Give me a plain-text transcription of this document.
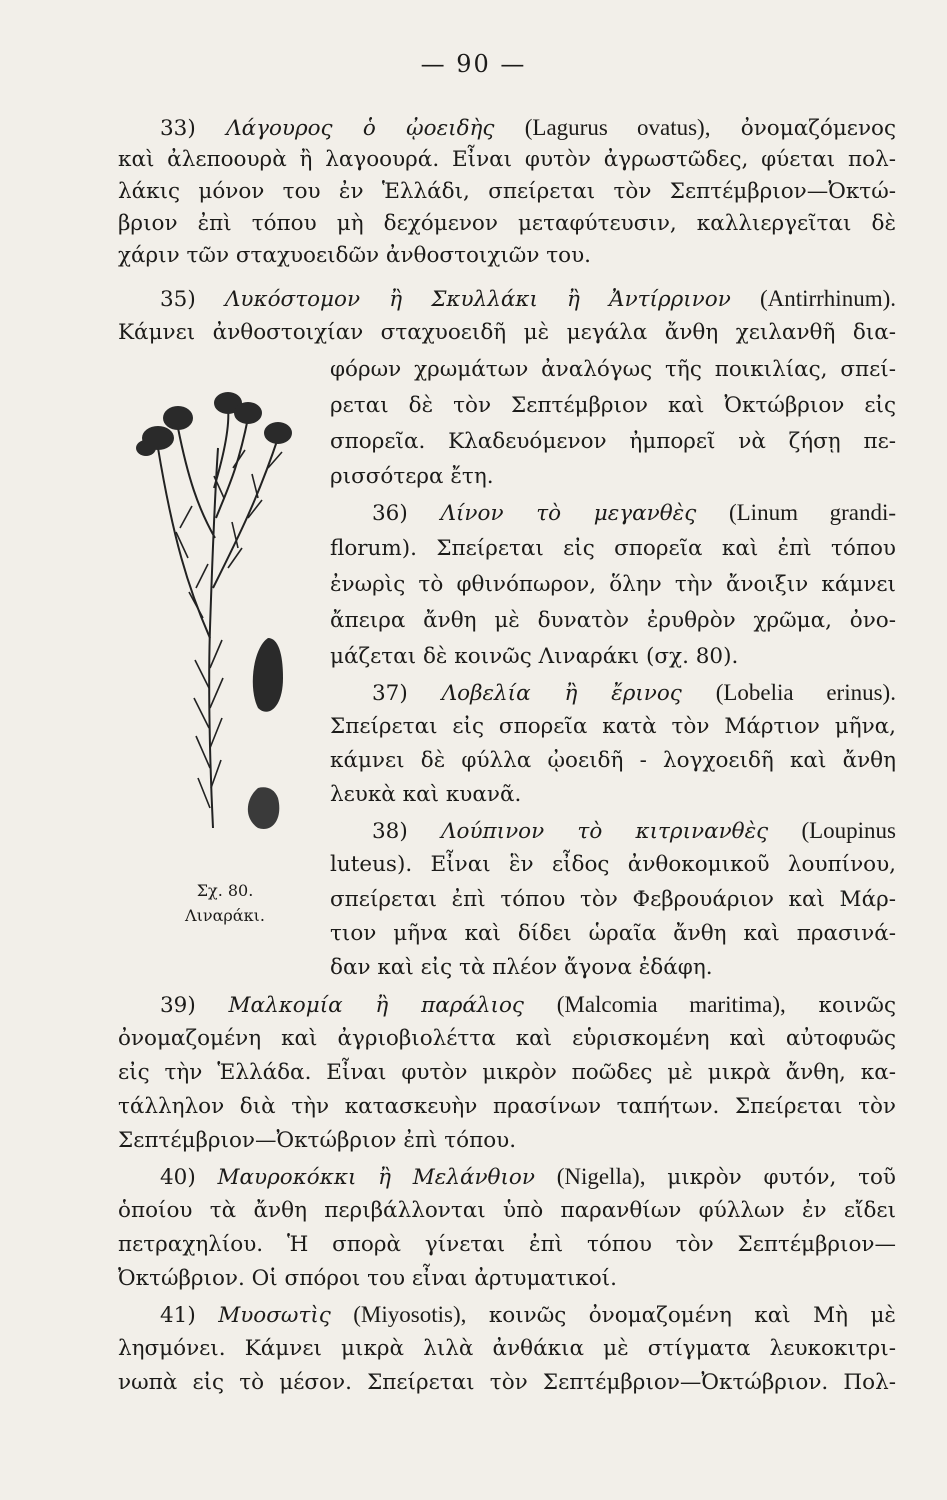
— 90 —
33) Λάγουρος ὁ ᾠοειδὴς (Lagurus ovatus), ὀνομαζόμενος
καὶ ἀλεποουρὰ ἢ λαγοουρά. Εἶναι φυτὸν ἀγρωστῶδες, φύεται πολ-
λάκις μόνον του ἐν Ἑλλάδι, σπείρεται τὸν Σεπτέμβριον—Ὀκτώ-
βριον ἐπὶ τόπου μὴ δεχόμενον μεταφύτευσιν, καλλιεργεῖται δὲ
χάριν τῶν σταχυοειδῶν ἀνθοστοιχιῶν του.
35) Λυκόστομον ἢ Σκυλλάκι ἢ Ἀντίρρινον (Antirrhinum).
Κάμνει ἀνθοστοιχίαν σταχυοειδῆ μὲ μεγάλα ἄνθη χειλανθῆ δια-
φόρων χρωμάτων ἀναλόγως τῆς ποικιλίας, σπεί-
ρεται δὲ τὸν Σεπτέμβριον καὶ Ὀκτώβριον εἰς
σπορεῖα. Κλαδευόμενον ἠμπορεῖ νὰ ζήσῃ πε-
ρισσότερα ἔτη.
36) Λίνον τὸ μεγανθὲς (Linum grandi-
florum). Σπείρεται εἰς σπορεῖα καὶ ἐπὶ τόπου
ἐνωρὶς τὸ φθινόπωρον, ὅλην τὴν ἄνοιξιν κάμνει
ἄπειρα ἄνθη μὲ δυνατὸν ἐρυθρὸν χρῶμα, ὀνο-
μάζεται δὲ κοινῶς Λιναράκι (σχ. 80).
37) Λοβελία ἢ ἔρινος (Lobelia erinus).
Σπείρεται εἰς σπορεῖα κατὰ τὸν Μάρτιον μῆνα,
κάμνει δὲ φύλλα ᾠοειδῆ - λογχοειδῆ καὶ ἄνθη
λευκὰ καὶ κυανᾶ.
38) Λούπινον τὸ κιτρινανθὲς (Loupinus
luteus). Εἶναι ἓν εἶδος ἀνθοκομικοῦ λουπίνου,
σπείρεται ἐπὶ τόπου τὸν Φεβρουάριον καὶ Μάρ-
τιον μῆνα καὶ δίδει ὡραῖα ἄνθη καὶ πρασινά-
δαν καὶ εἰς τὰ πλέον ἄγονα ἐδάφη.
Σχ. 80.
Λιναράκι.
39) Μαλκομία ἢ παράλιος (Malcomia maritima), κοινῶς
ὀνομαζομένη καὶ ἀγριοβιολέττα καὶ εὑρισκομένη καὶ αὐτοφυῶς
εἰς τὴν Ἑλλάδα. Εἶναι φυτὸν μικρὸν ποῶδες μὲ μικρὰ ἄνθη, κα-
τάλληλον διὰ τὴν κατασκευὴν πρασίνων ταπήτων. Σπείρεται τὸν
Σεπτέμβριον—Ὀκτώβριον ἐπὶ τόπου.
40) Μαυροκόκκι ἢ Μελάνθιον (Nigella), μικρὸν φυτόν, τοῦ
ὁποίου τὰ ἄνθη περιβάλλονται ὑπὸ παρανθίων φύλλων ἐν εἴδει
πετραχηλίου. Ἡ σπορὰ γίνεται ἐπὶ τόπου τὸν Σεπτέμβριον—
Ὀκτώβριον. Οἱ σπόροι του εἶναι ἀρτυματικοί.
41) Μυοσωτὶς (Miyosotis), κοινῶς ὀνομαζομένη καὶ Μὴ μὲ
λησμόνει. Κάμνει μικρὰ λιλὰ ἀνθάκια μὲ στίγματα λευκοκιτρι-
νωπὰ εἰς τὸ μέσον. Σπείρεται τὸν Σεπτέμβριον—Ὀκτώβριον. Πολ-
